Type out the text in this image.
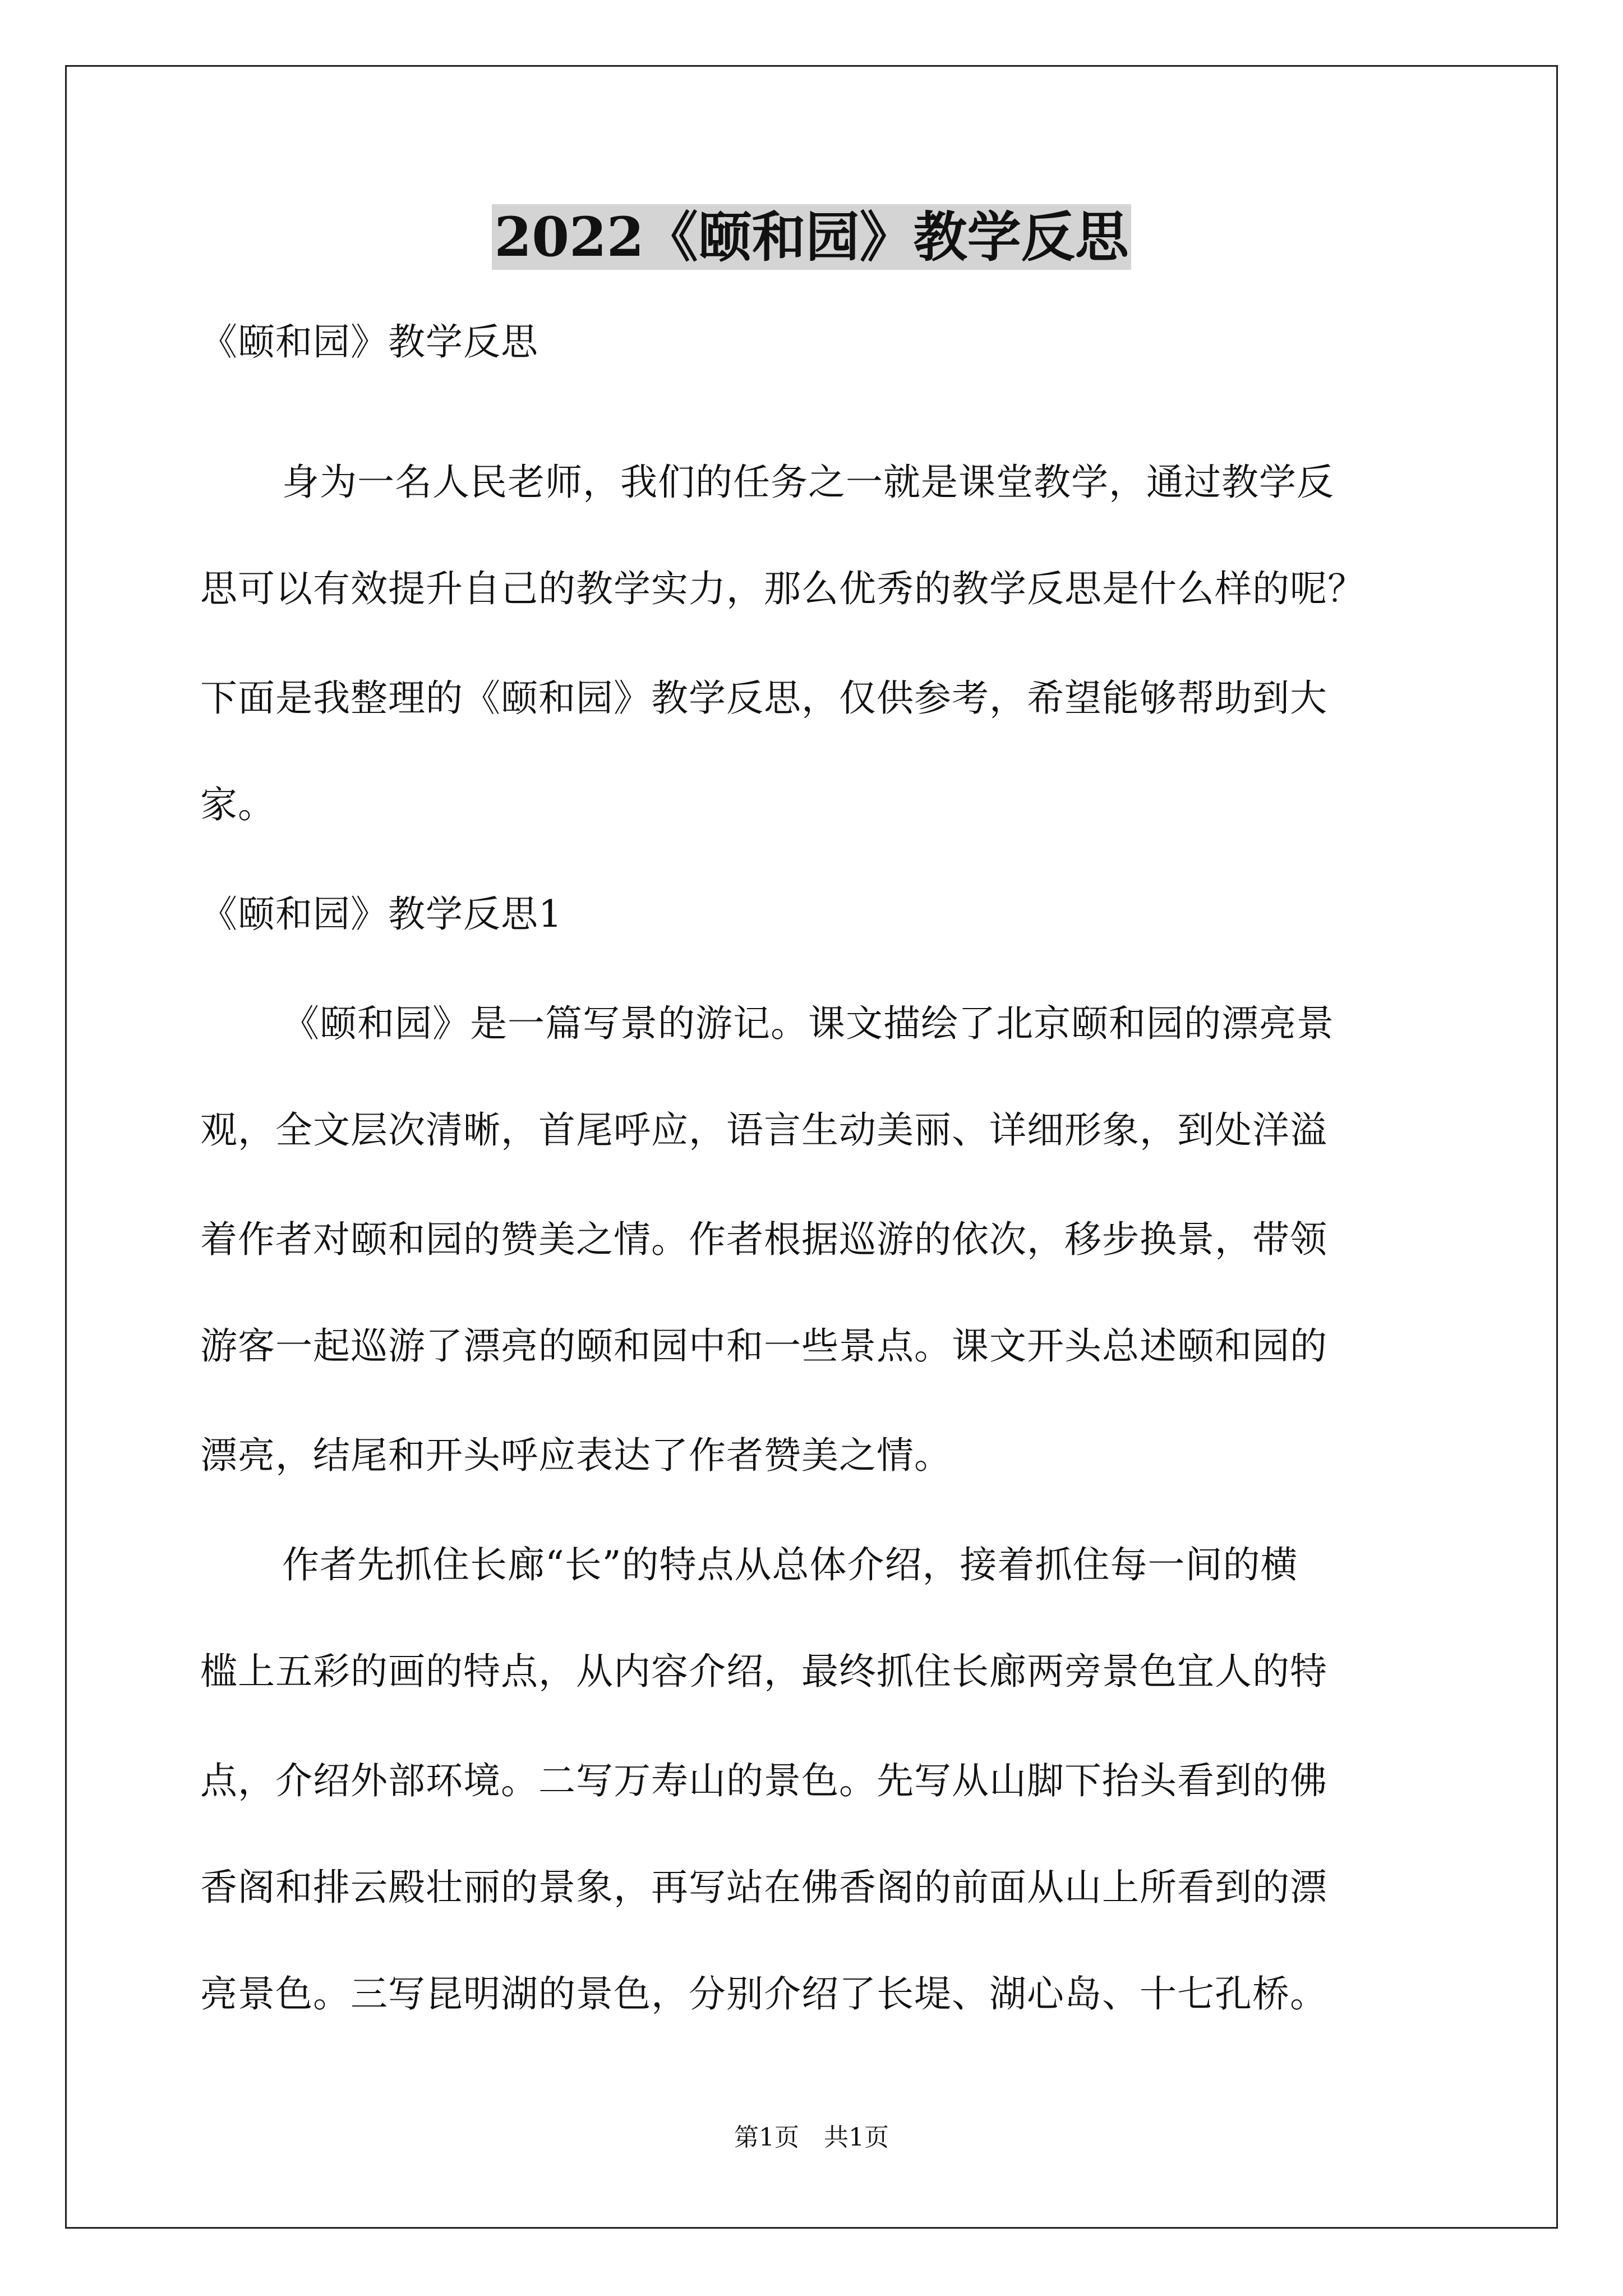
2022《颐和园》教学反思
《颐和园》教学反思
身为一名人民老师，我们的任务之一就是课堂教学，通过教学反
思可以有效提升自己的教学实力，那么优秀的教学反思是什么样的呢？
下面是我整理的《颐和园》教学反思，仅供参考，希望能够帮助到大
家。
《颐和园》教学反思1
《颐和园》是一篇写景的游记。课文描绘了北京颐和园的漂亮景
观，全文层次清晰，首尾呼应，语言生动美丽、详细形象，到处洋溢
着作者对颐和园的赞美之情。作者根据巡游的依次，移步换景，带领
游客一起巡游了漂亮的颐和园中和一些景点。课文开头总述颐和园的
漂亮，结尾和开头呼应表达了作者赞美之情。
作者先抓住长廊“长”的特点从总体介绍，接着抓住每一间的横
槛上五彩的画的特点，从内容介绍，最终抓住长廊两旁景色宜人的特
点，介绍外部环境。二写万寿山的景色。先写从山脚下抬头看到的佛
香阁和排云殿壮丽的景象，再写站在佛香阁的前面从山上所看到的漂
亮景色。三写昆明湖的景色，分别介绍了长堤、湖心岛、十七孔桥。
第1页　共1页
